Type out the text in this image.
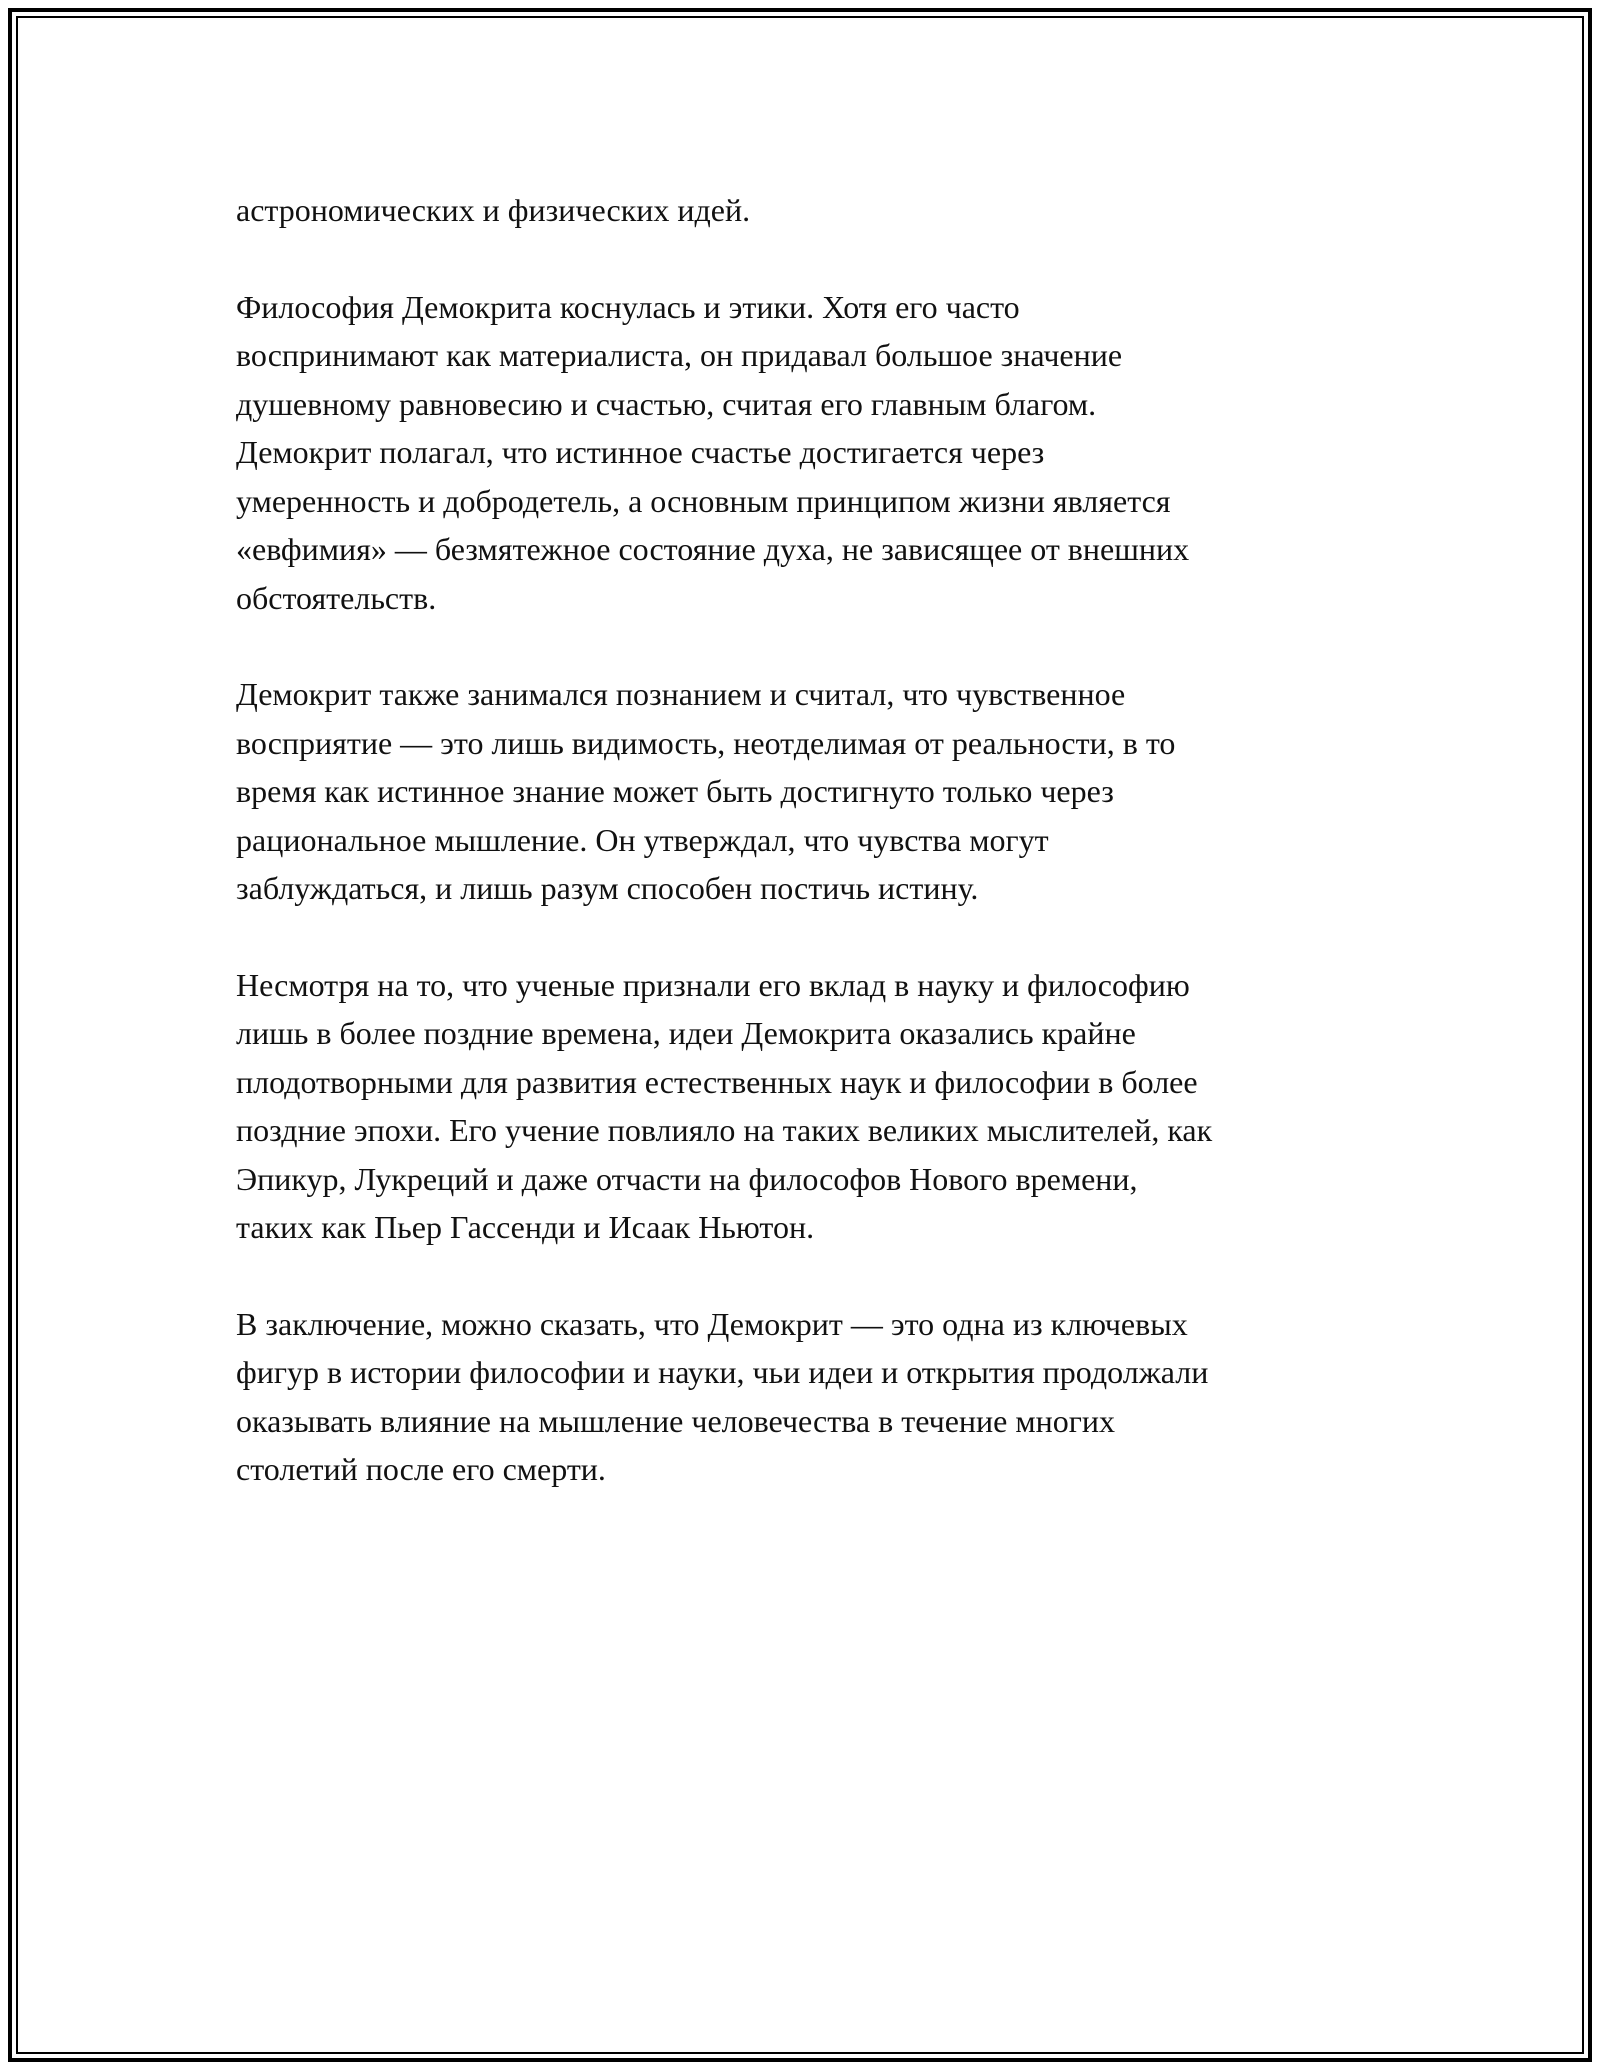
астрономических и физических идей.

Философия Демокрита коснулась и этики. Хотя его часто
воспринимают как материалиста, он придавал большое значение
душевному равновесию и счастью, считая его главным благом.
Демокрит полагал, что истинное счастье достигается через
умеренность и добродетель, а основным принципом жизни является
«евфимия» — безмятежное состояние духа, не зависящее от внешних
обстоятельств.

Демокрит также занимался познанием и считал, что чувственное
восприятие — это лишь видимость, неотделимая от реальности, в то
время как истинное знание может быть достигнуто только через
рациональное мышление. Он утверждал, что чувства могут
заблуждаться, и лишь разум способен постичь истину.

Несмотря на то, что ученые признали его вклад в науку и философию
лишь в более поздние времена, идеи Демокрита оказались крайне
плодотворными для развития естественных наук и философии в более
поздние эпохи. Его учение повлияло на таких великих мыслителей, как
Эпикур, Лукреций и даже отчасти на философов Нового времени,
таких как Пьер Гассенди и Исаак Ньютон.

В заключение, можно сказать, что Демокрит — это одна из ключевых
фигур в истории философии и науки, чьи идеи и открытия продолжали
оказывать влияние на мышление человечества в течение многих
столетий после его смерти.
